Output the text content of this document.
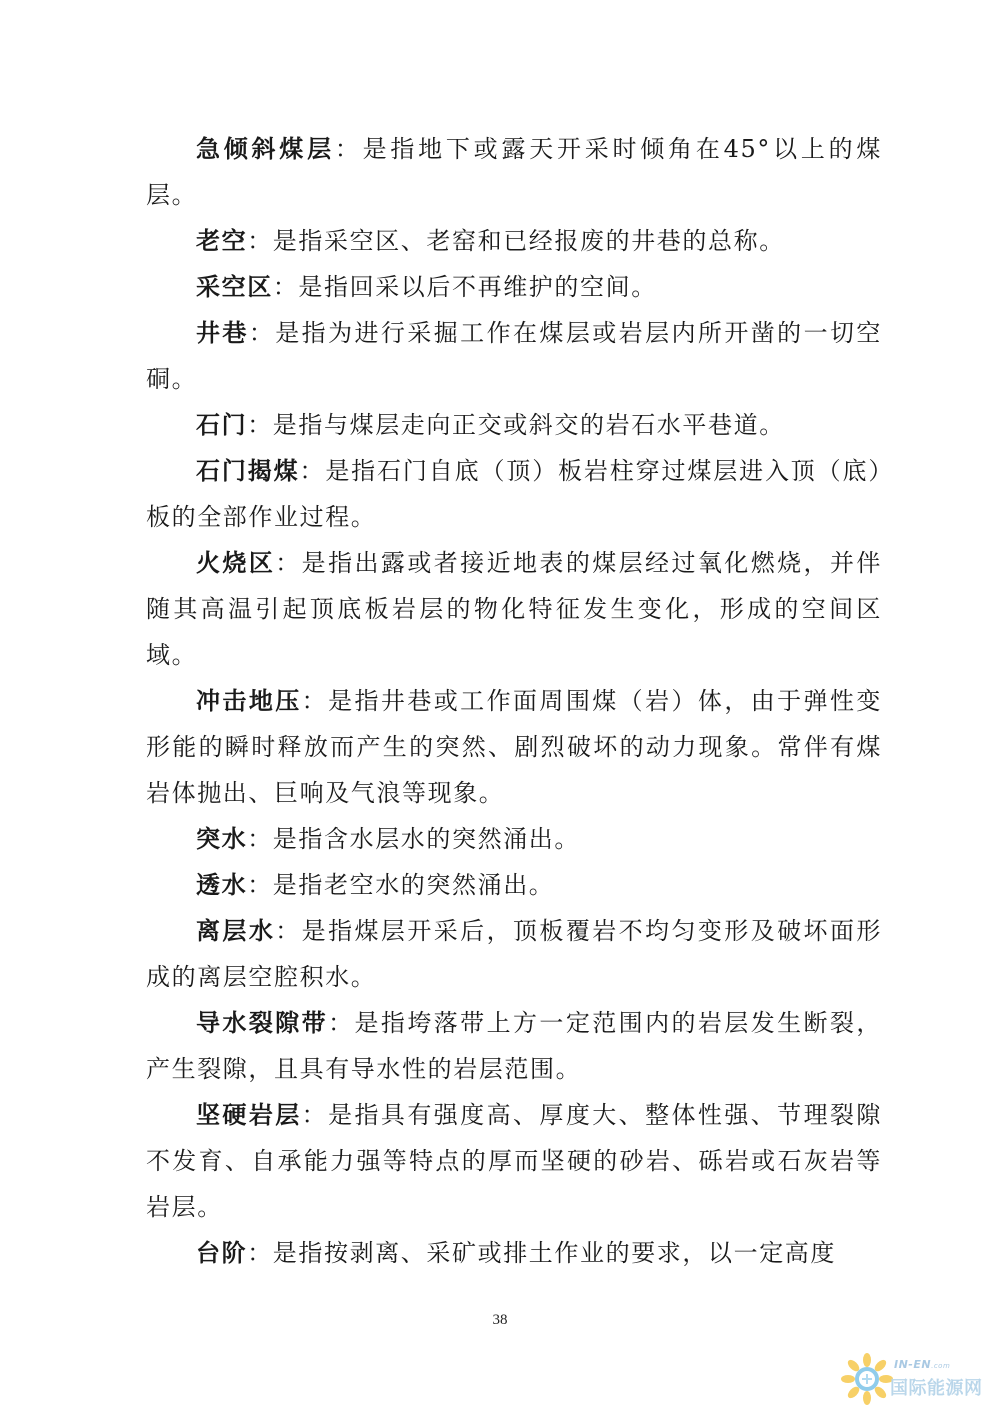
急倾斜煤层：是指地下或露天开采时倾角在45°以上的煤层。

老空：是指采空区、老窑和已经报废的井巷的总称。

采空区：是指回采以后不再维护的空间。

井巷：是指为进行采掘工作在煤层或岩层内所开凿的一切空硐。

石门：是指与煤层走向正交或斜交的岩石水平巷道。

石门揭煤：是指石门自底（顶）板岩柱穿过煤层进入顶（底）板的全部作业过程。

火烧区：是指出露或者接近地表的煤层经过氧化燃烧，并伴随其高温引起顶底板岩层的物化特征发生变化，形成的空间区域。

冲击地压：是指井巷或工作面周围煤（岩）体，由于弹性变形能的瞬时释放而产生的突然、剧烈破坏的动力现象。常伴有煤岩体抛出、巨响及气浪等现象。

突水：是指含水层水的突然涌出。

透水：是指老空水的突然涌出。

离层水：是指煤层开采后，顶板覆岩不均匀变形及破坏面形成的离层空腔积水。

导水裂隙带：是指垮落带上方一定范围内的岩层发生断裂，产生裂隙，且具有导水性的岩层范围。

坚硬岩层：是指具有强度高、厚度大、整体性强、节理裂隙不发育、自承能力强等特点的厚而坚硬的砂岩、砾岩或石灰岩等岩层。

台阶：是指按剥离、采矿或排土作业的要求，以一定高度

38
IN-EN.com
国际能源网
